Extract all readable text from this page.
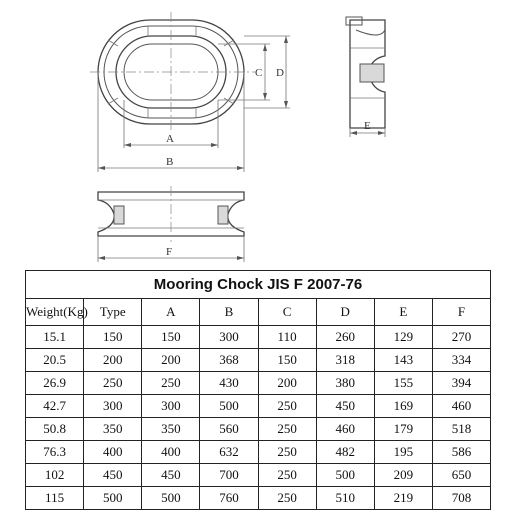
A
B
C D
E
F
Mooring Chock JIS F 2007-76							
Weight(Kg)	Type	A	B	C	D	E	F
15.1	150	150	300	110	260	129	270
20.5	200	200	368	150	318	143	334
26.9	250	250	430	200	380	155	394
42.7	300	300	500	250	450	169	460
50.8	350	350	560	250	460	179	518
76.3	400	400	632	250	482	195	586
102	450	450	700	250	500	209	650
115	500	500	760	250	510	219	708
